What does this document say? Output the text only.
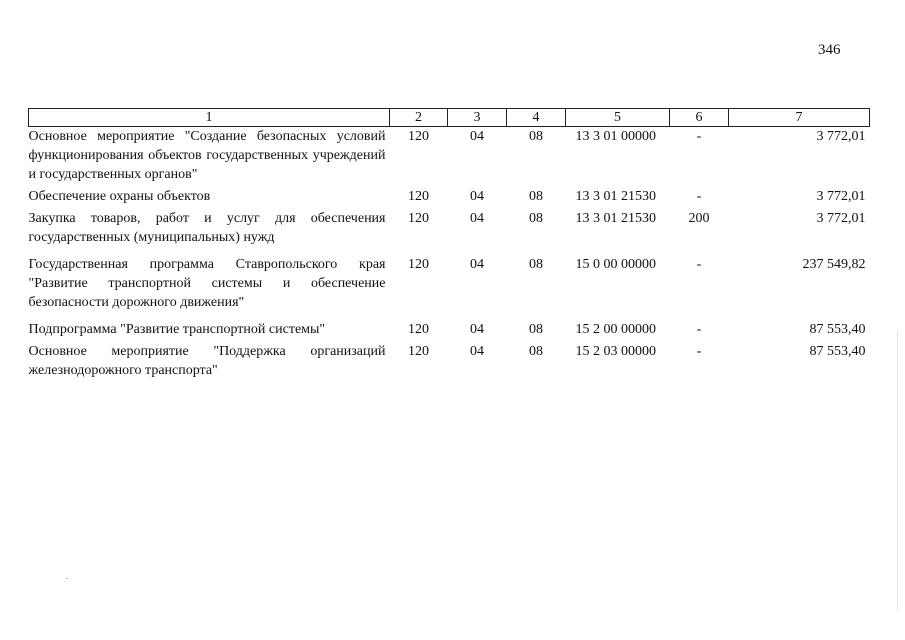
346
1	2	3	4	5	6	7
Основное мероприятие "Создание безопасных условий функционирования объектов государственных учреждений и государственных органов"	120	04	08	13 3 01 00000	-	3 772,01
Обеспечение охраны объектов	120	04	08	13 3 01 21530	-	3 772,01
Закупка товаров, работ и услуг для обеспечения государственных (муниципальных) нужд	120	04	08	13 3 01 21530	200	3 772,01
Государственная программа Ставропольского края "Развитие транспортной системы и обеспечение безопасности дорожного движения"	120	04	08	15 0 00 00000	-	237 549,82
Подпрограмма "Развитие транспортной системы"	120	04	08	15 2 00 00000	-	87 553,40
Основное мероприятие "Поддержка организаций железнодорожного транспорта"	120	04	08	15 2 03 00000	-	87 553,40
